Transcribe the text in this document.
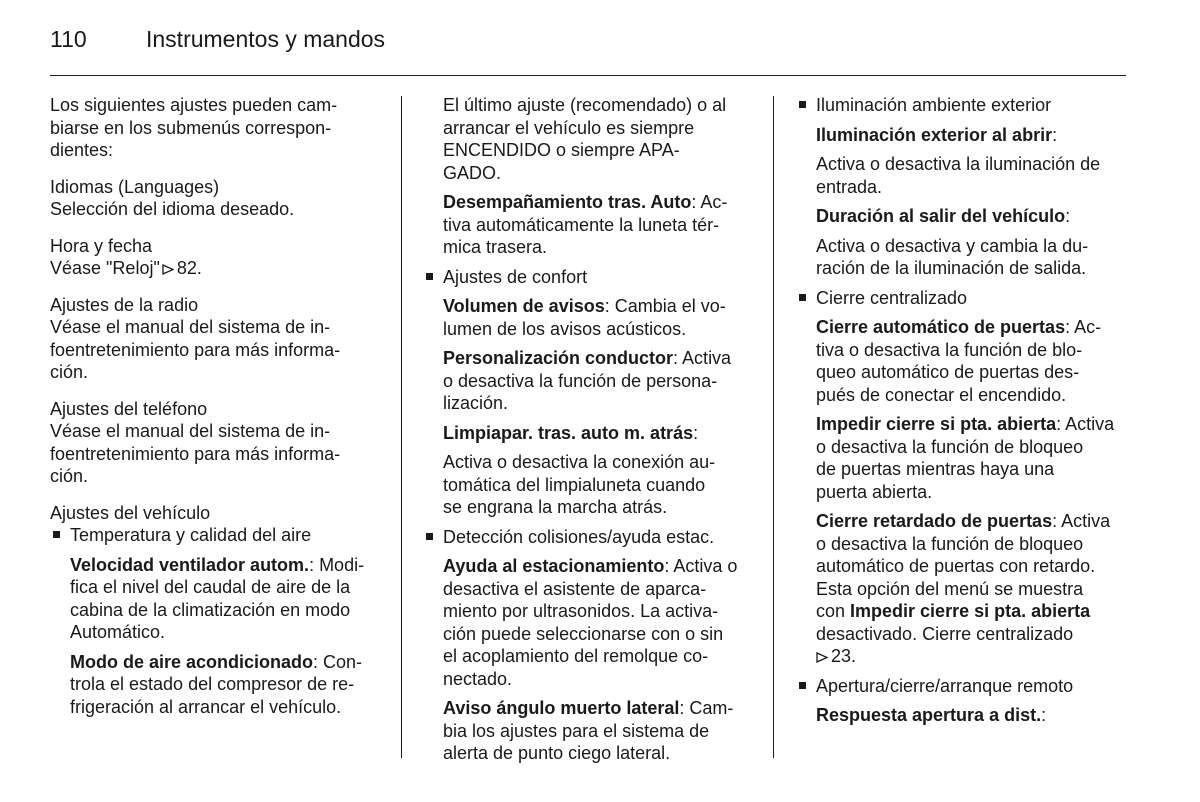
110	Instrumentos y mandos

Los siguientes ajustes pueden cam-

biarse en los submenús correspon-

dientes:

Idiomas (Languages)

Selección del idioma deseado.

Hora y fecha

Véase "Reloj" 82.

Ajustes de la radio

Véase el manual del sistema de in-

foentretenimiento para más informa-

ción.

Ajustes del teléfono

Véase el manual del sistema de in-

foentretenimiento para más informa-

ción.

Ajustes del vehículo

Temperatura y calidad del aire

Velocidad ventilador autom.: Modi-

fica el nivel del caudal de aire de la

cabina de la climatización en modo

Automático.

Modo de aire acondicionado: Con-

trola el estado del compresor de re-

frigeración al arrancar el vehículo.

El último ajuste (recomendado) o al

arrancar el vehículo es siempre

ENCENDIDO o siempre APA-

GADO.

Desempañamiento tras. Auto: Ac-

tiva automáticamente la luneta tér-

mica trasera.

Ajustes de confort

Volumen de avisos: Cambia el vo-

lumen de los avisos acústicos.

Personalización conductor: Activa

o desactiva la función de persona-

lización.

Limpiapar. tras. auto m. atrás:

Activa o desactiva la conexión au-

tomática del limpialuneta cuando

se engrana la marcha atrás.

Detección colisiones/ayuda estac.

Ayuda al estacionamiento: Activa o

desactiva el asistente de aparca-

miento por ultrasonidos. La activa-

ción puede seleccionarse con o sin

el acoplamiento del remolque co-

nectado.

Aviso ángulo muerto lateral: Cam-

bia los ajustes para el sistema de

alerta de punto ciego lateral.

Iluminación ambiente exterior

Iluminación exterior al abrir:

Activa o desactiva la iluminación de

entrada.

Duración al salir del vehículo:

Activa o desactiva y cambia la du-

ración de la iluminación de salida.

Cierre centralizado

Cierre automático de puertas: Ac-

tiva o desactiva la función de blo-

queo automático de puertas des-

pués de conectar el encendido.

Impedir cierre si pta. abierta: Activa

o desactiva la función de bloqueo

de puertas mientras haya una

puerta abierta.

Cierre retardado de puertas: Activa

o desactiva la función de bloqueo

automático de puertas con retardo.

Esta opción del menú se muestra

con Impedir cierre si pta. abierta

desactivado. Cierre centralizado

23.

Apertura/cierre/arranque remoto

Respuesta apertura a dist.:
